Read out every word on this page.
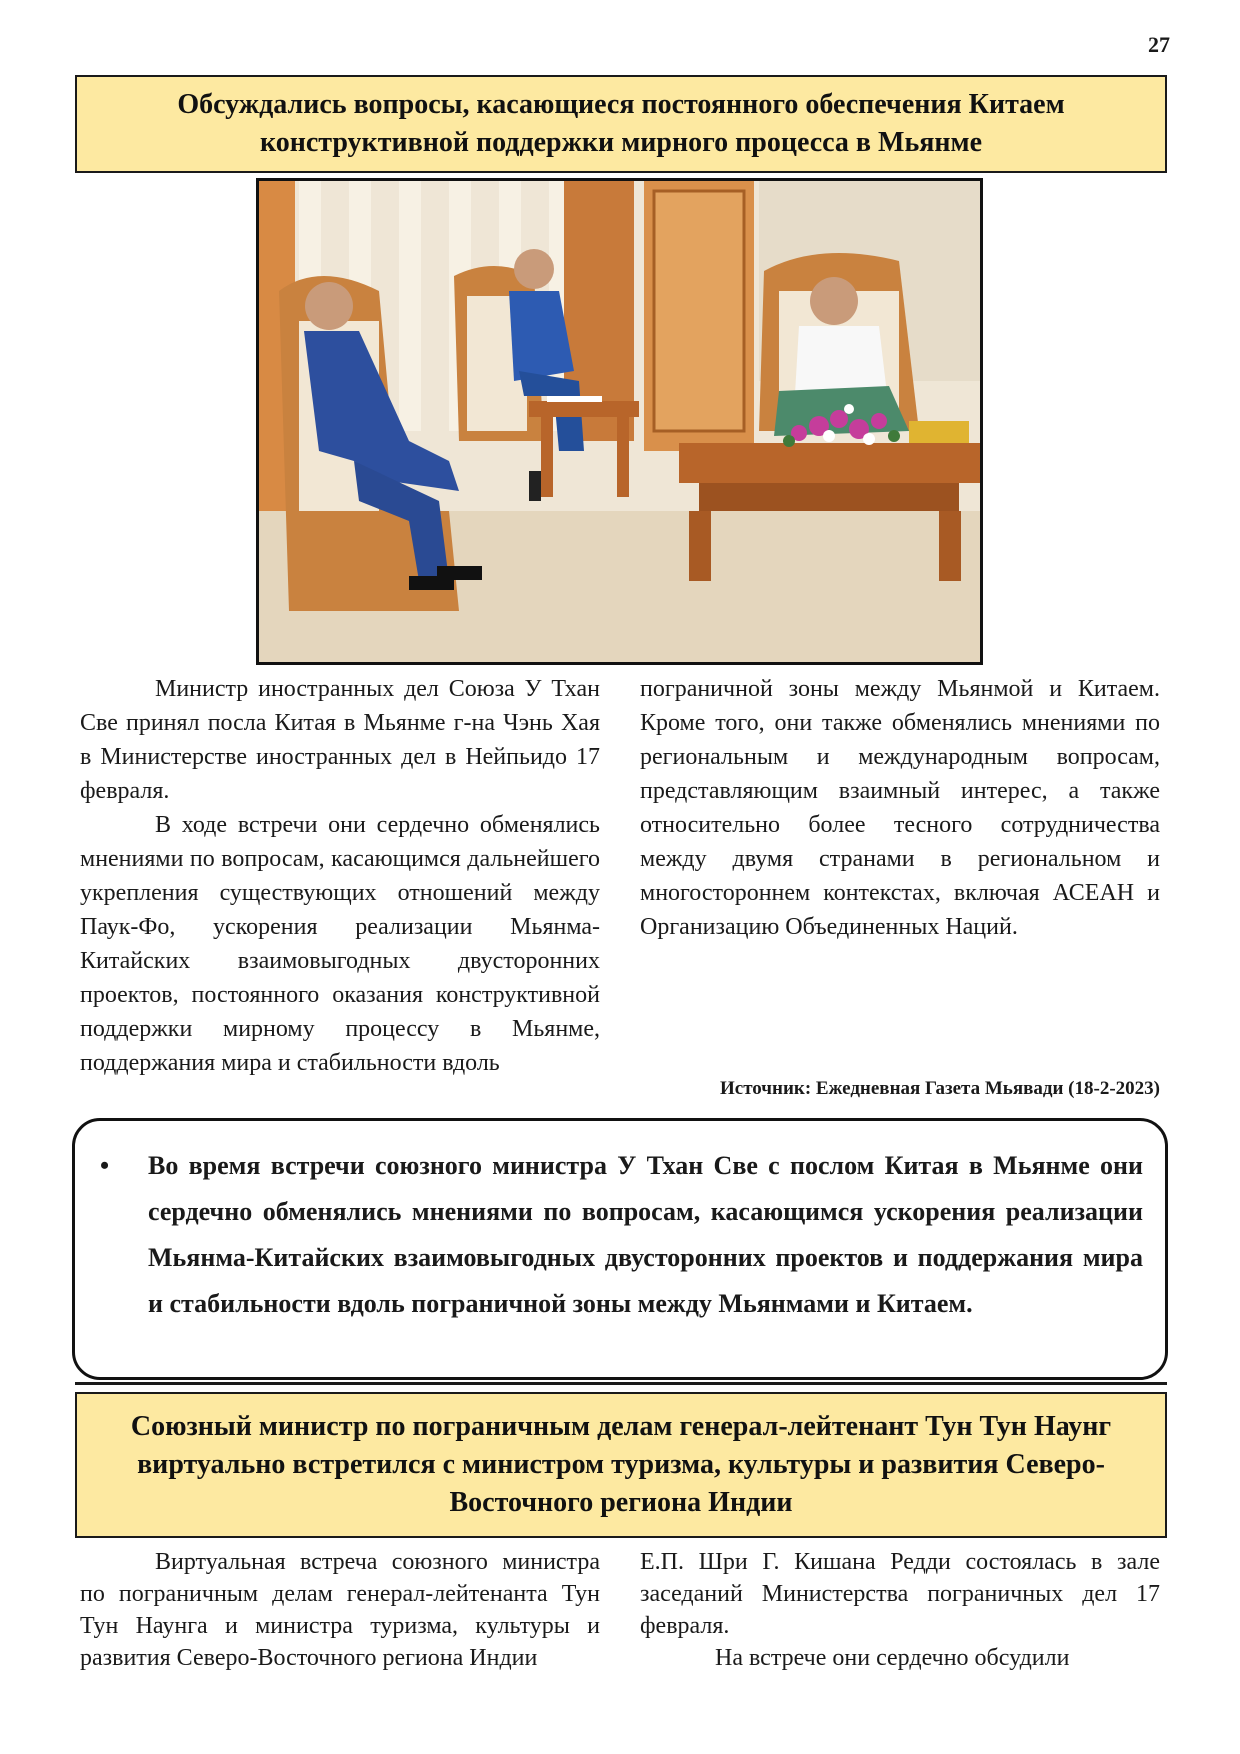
27
Обсуждались вопросы, касающиеся постоянного обеспечения Китаем конструктивной поддержки мирного процесса в Мьянме

Министр иностранных дел Союза У Тхан Све принял посла Китая в Мьянме г-на Чэнь Хая в Министерстве иностранных дел в Нейпьидо 17 февраля.

В ходе встречи они сердечно обменялись мнениями по вопросам, касающимся дальнейшего укрепления существующих отношений между Паук-Фо, ускорения реализации Мьянма-Китайских взаимовыгодных двусторонних проектов, постоянного оказания конструктивной поддержки мирному процессу в Мьянме, поддержания мира и стабильности вдоль

пограничной зоны между Мьянмой и Китаем. Кроме того, они также обменялись мнениями по региональным и международным вопросам, представляющим взаимный интерес, а также относительно более тесного сотрудничества между двумя странами в региональном и многостороннем контекстах, включая АСЕАН и Организацию Объединенных Наций.

Источник: Ежедневная Газета Мьявади (18-2-2023)
• Во время встречи союзного министра У Тхан Све с послом Китая в Мьянме они сердечно обменялись мнениями по вопросам, касающимся ускорения реализации Мьянма-Китайских взаимовыгодных двусторонних проектов и поддержания мира и стабильности вдоль пограничной зоны между Мьянмами и Китаем.
Союзный министр по пограничным делам генерал-лейтенант Тун Тун Наунг виртуально встретился с министром туризма, культуры и развития Северо-Восточного региона Индии

Виртуальная встреча союзного министра по пограничным делам генерал-лейтенанта Тун Тун Наунга и министра туризма, культуры и развития Северо-Восточного региона Индии

Е.П. Шри Г. Кишана Редди состоялась в зале заседаний Министерства пограничных дел 17 февраля.

На встрече они сердечно обсудили
